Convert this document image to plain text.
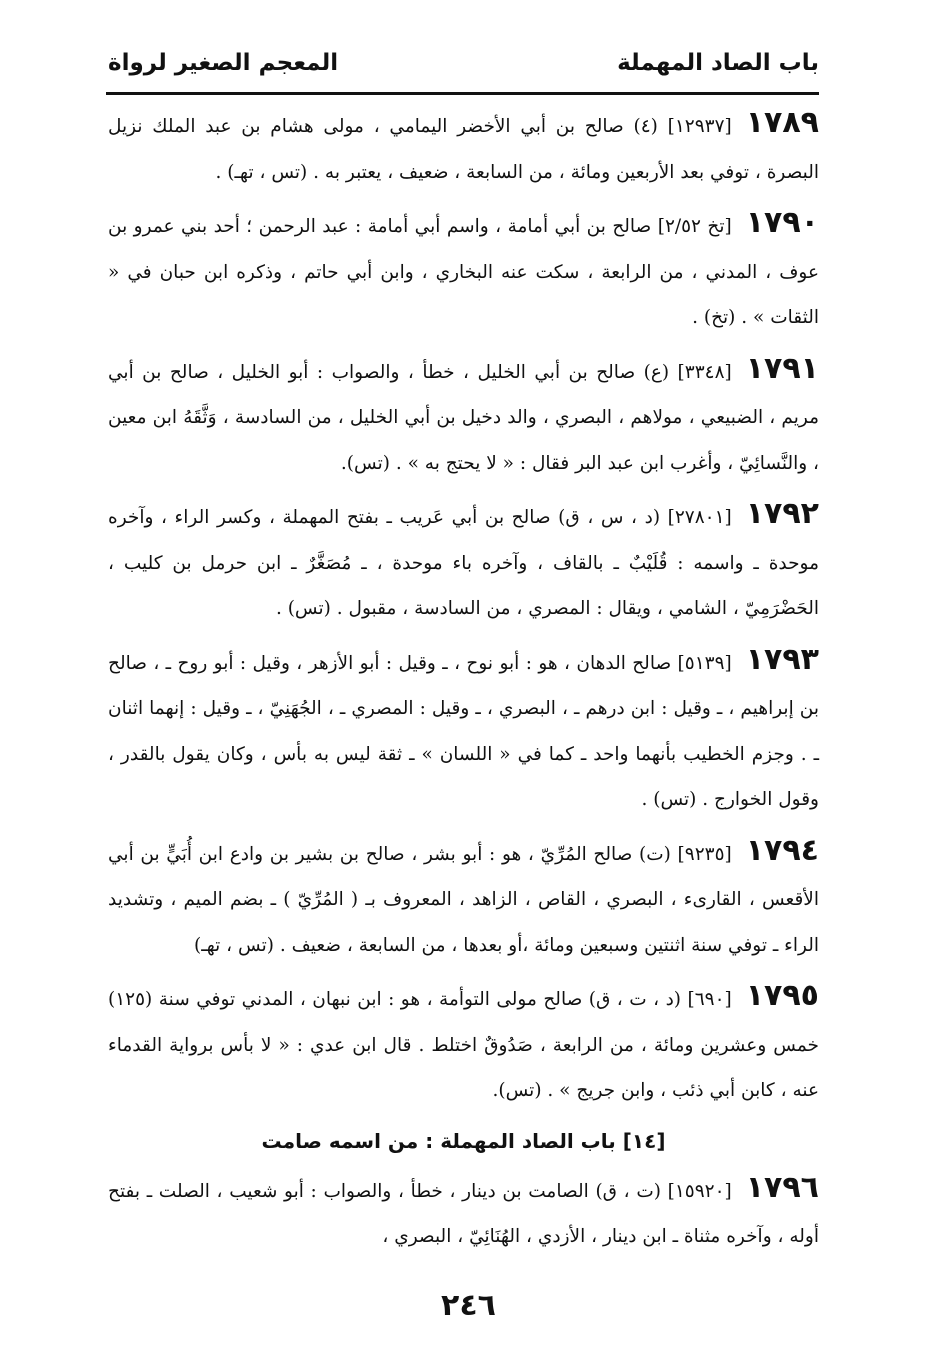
باب الصاد المهملة
المعجم الصغير لرواة

١٧٨٩[١٢٩٣٧] (٤) صالح بن أبي الأخضر اليمامي ، مولى هشام بن عبد الملك نزيل البصرة ، توفي بعد الأربعين ومائة ، من السابعة ، ضعيف ، يعتبر به . (تس ، تهـ) .

١٧٩٠[تخ ٢/٥٢] صالح بن أبي أمامة ، واسم أبي أمامة : عبد الرحمن ؛ أحد بني عمرو بن عوف ، المدني ، من الرابعة ، سكت عنه البخاري ، وابن أبي حاتم ، وذكره ابن حبان في « الثقات » . (تخ) .

١٧٩١[٣٣٤٨] (ع) صالح بن أبي الخليل ، خطأ ، والصواب : أبو الخليل ، صالح بن أبي مريم ، الضبيعي ، مولاهم ، البصري ، والد دخيل بن أبي الخليل ، من السادسة ، وَثَّقَهُ ابن معين ، والنَّسائِيّ ، وأغرب ابن عبد البر فقال : « لا يحتج به » . (تس).

١٧٩٢[٢٧٨٠١] (د ، س ، ق) صالح بن أبي عَريب ـ بفتح المهملة ، وكسر الراء ، وآخره موحدة ـ واسمه : قُلَيْبٌ ـ بالقاف ، وآخره باء موحدة ، ـ مُصَغَّرٌ ـ ابن حرمل بن كليب ، الحَضْرَمِيّ ، الشامي ، ويقال : المصري ، من السادسة ، مقبول . (تس) .

١٧٩٣[٥١٣٩] صالح الدهان ، هو : أبو نوح ، ـ وقيل : أبو الأزهر ، وقيل : أبو روح ـ ، صالح بن إبراهيم ، ـ وقيل : ابن درهم ـ ، البصري ، ـ وقيل : المصري ـ ، الجُهَنِيّ ، ـ وقيل : إنهما اثنان ـ . وجزم الخطيب بأنهما واحد ـ كما في « اللسان » ـ ثقة ليس به بأس ، وكان يقول بالقدر ، وقول الخوارج . (تس) .

١٧٩٤[٩٢٣٥] (ت) صالح المُرِّيّ ، هو : أبو بشر ، صالح بن بشير بن وادع ابن أُبَيٍّ بن أبي الأقعس ، القارىء ، البصري ، القاص ، الزاهد ، المعروف بـ ( المُرِّيّ ) ـ بضم الميم ، وتشديد الراء ـ توفي سنة اثنتين وسبعين ومائة ،أو بعدها ، من السابعة ، ضعيف . (تس ، تهـ)

١٧٩٥[٦٩٠] (د ، ت ، ق) صالح مولى التوأمة ، هو : ابن نبهان ، المدني توفي سنة (١٢٥) خمس وعشرين ومائة ، من الرابعة ، صَدُوقٌ اختلط . قال ابن عدي : « لا بأس برواية القدماء عنه ، كابن أبي ذئب ، وابن جريج » . (تس).

[١٤] باب الصاد المهملة : من اسمه صامت

١٧٩٦[١٥٩٢٠] (ت ، ق) الصامت بن دينار ، خطأ ، والصواب : أبو شعيب ، الصلت ـ بفتح أوله ، وآخره مثناة ـ ابن دينار ، الأزدي ، الهُنَائِيّ ، البصري ،

٢٤٦
